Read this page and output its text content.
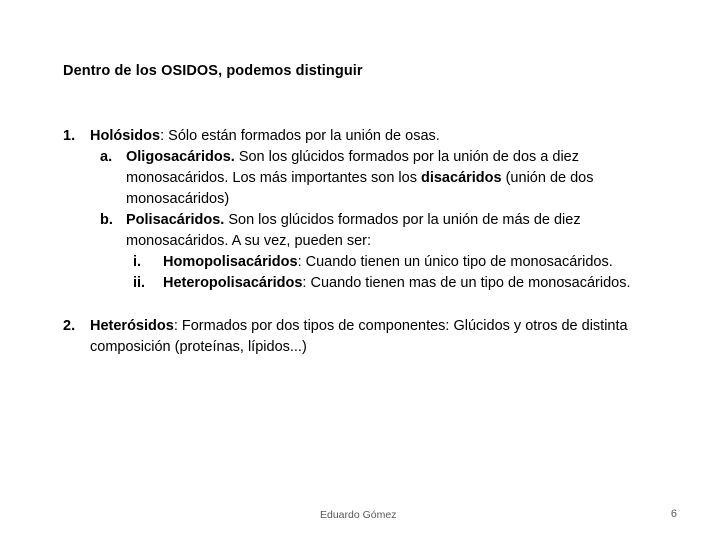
Dentro de los OSIDOS, podemos distinguir
1. Holósidos: Sólo están formados por la unión de osas.
a. Oligosacáridos. Son los glúcidos formados por la unión de dos a diez monosacáridos. Los más importantes son los disacáridos (unión de dos monosacáridos)
b. Polisacáridos. Son los glúcidos formados por la unión de más de diez monosacáridos. A su vez, pueden ser:
i. Homopolisacáridos: Cuando tienen un único tipo de monosacáridos.
ii. Heteropolisacáridos: Cuando tienen mas de un tipo de monosacáridos.
2. Heterósidos: Formados por dos tipos de componentes: Glúcidos y otros de distinta composición (proteínas, lípidos...)
Eduardo Gómez	6
